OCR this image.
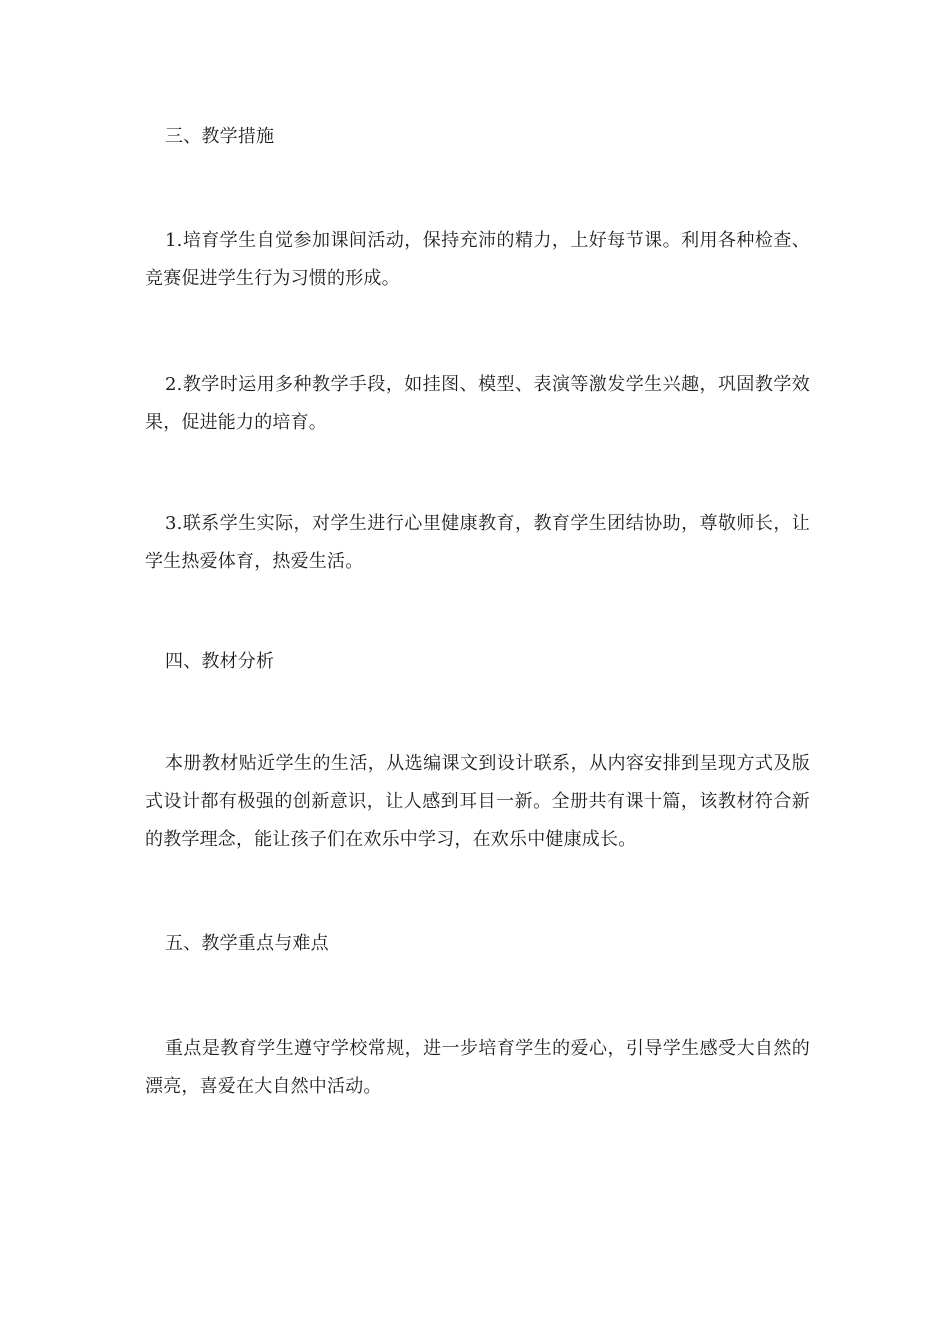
三、教学措施

1.培育学生自觉参加课间活动，保持充沛的精力，上好每节课。利用各种检查、竞赛促进学生行为习惯的形成。

2.教学时运用多种教学手段，如挂图、模型、表演等激发学生兴趣，巩固教学效果，促进能力的培育。

3.联系学生实际，对学生进行心里健康教育，教育学生团结协助，尊敬师长，让学生热爱体育，热爱生活。

四、教材分析

本册教材贴近学生的生活，从选编课文到设计联系，从内容安排到呈现方式及版式设计都有极强的创新意识，让人感到耳目一新。全册共有课十篇，该教材符合新的教学理念，能让孩子们在欢乐中学习，在欢乐中健康成长。

五、教学重点与难点

重点是教育学生遵守学校常规，进一步培育学生的爱心，引导学生感受大自然的漂亮，喜爱在大自然中活动。
